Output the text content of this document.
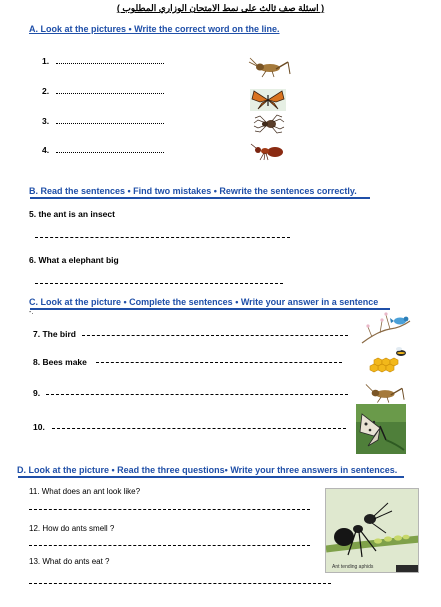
( اسئلة صف ثالث على نمط الامتحان الوزاري المطلوب )
A. Look at the pictures • Write the correct word on the line.
1.
2.
3.
4.
B. Read the sentences • Find two mistakes • Rewrite the sentences correctly.
5. the ant is an insect
6. What a elephant big
C. Look at the picture • Complete the sentences • Write your answer in a sentence
-.
7. The bird
8. Bees make
9.
10.
D. Look at the picture • Read the three questions• Write your three answers in sentences.
11. What does an ant look like?
12. How do ants smell ?
13. What do ants eat ?
Ant tending aphids
